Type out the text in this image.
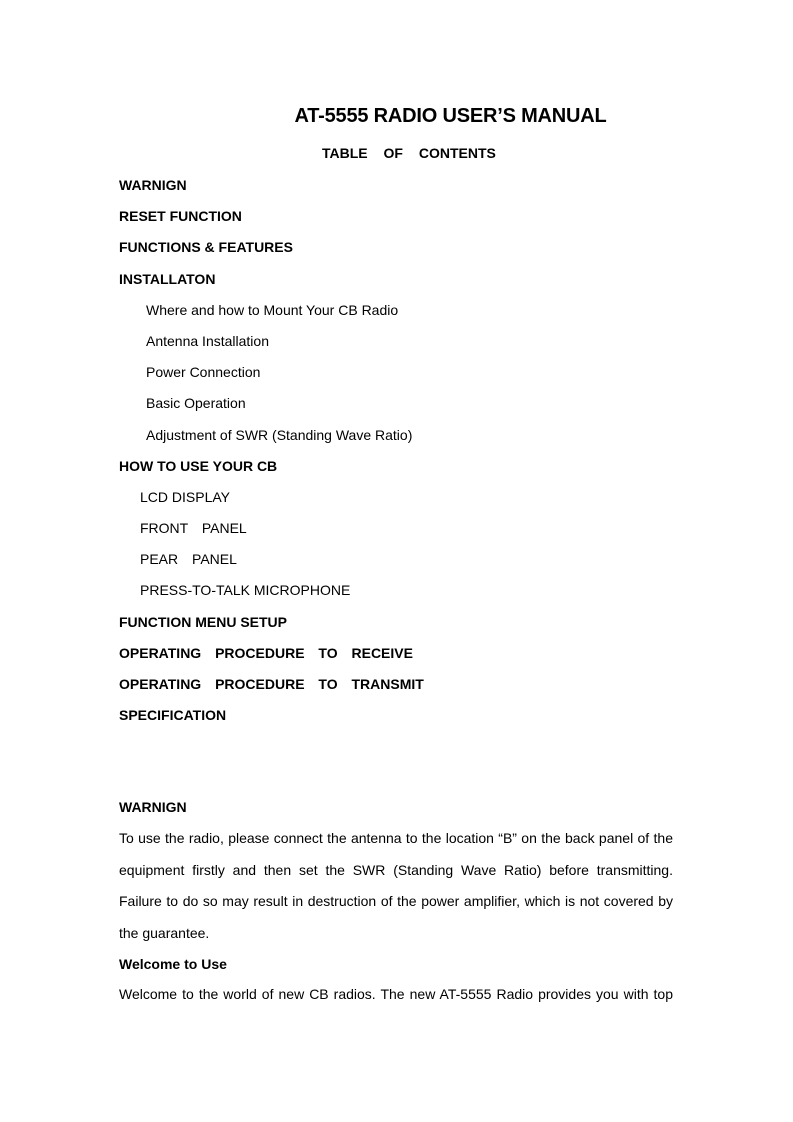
AT-5555 RADIO USER’S MANUAL
TABLE OF CONTENTS
WARNIGN
RESET FUNCTION
FUNCTIONS & FEATURES
INSTALLATON
Where and how to Mount Your CB Radio
Antenna Installation
Power Connection
Basic Operation
Adjustment of SWR (Standing Wave Ratio)
HOW TO USE YOUR CB
LCD DISPLAY
FRONT PANEL
PEAR PANEL
PRESS-TO-TALK MICROPHONE
FUNCTION MENU SETUP
OPERATING PROCEDURE TO RECEIVE
OPERATING PROCEDURE TO TRANSMIT
SPECIFICATION
WARNIGN

To use the radio, please connect the antenna to the location “B” on the back panel of the equipment firstly and then set the SWR (Standing Wave Ratio) before transmitting. Failure to do so may result in destruction of the power amplifier, which is not covered by the guarantee.

Welcome to Use

Welcome to the world of new CB radios. The new AT-5555 Radio provides you with top
